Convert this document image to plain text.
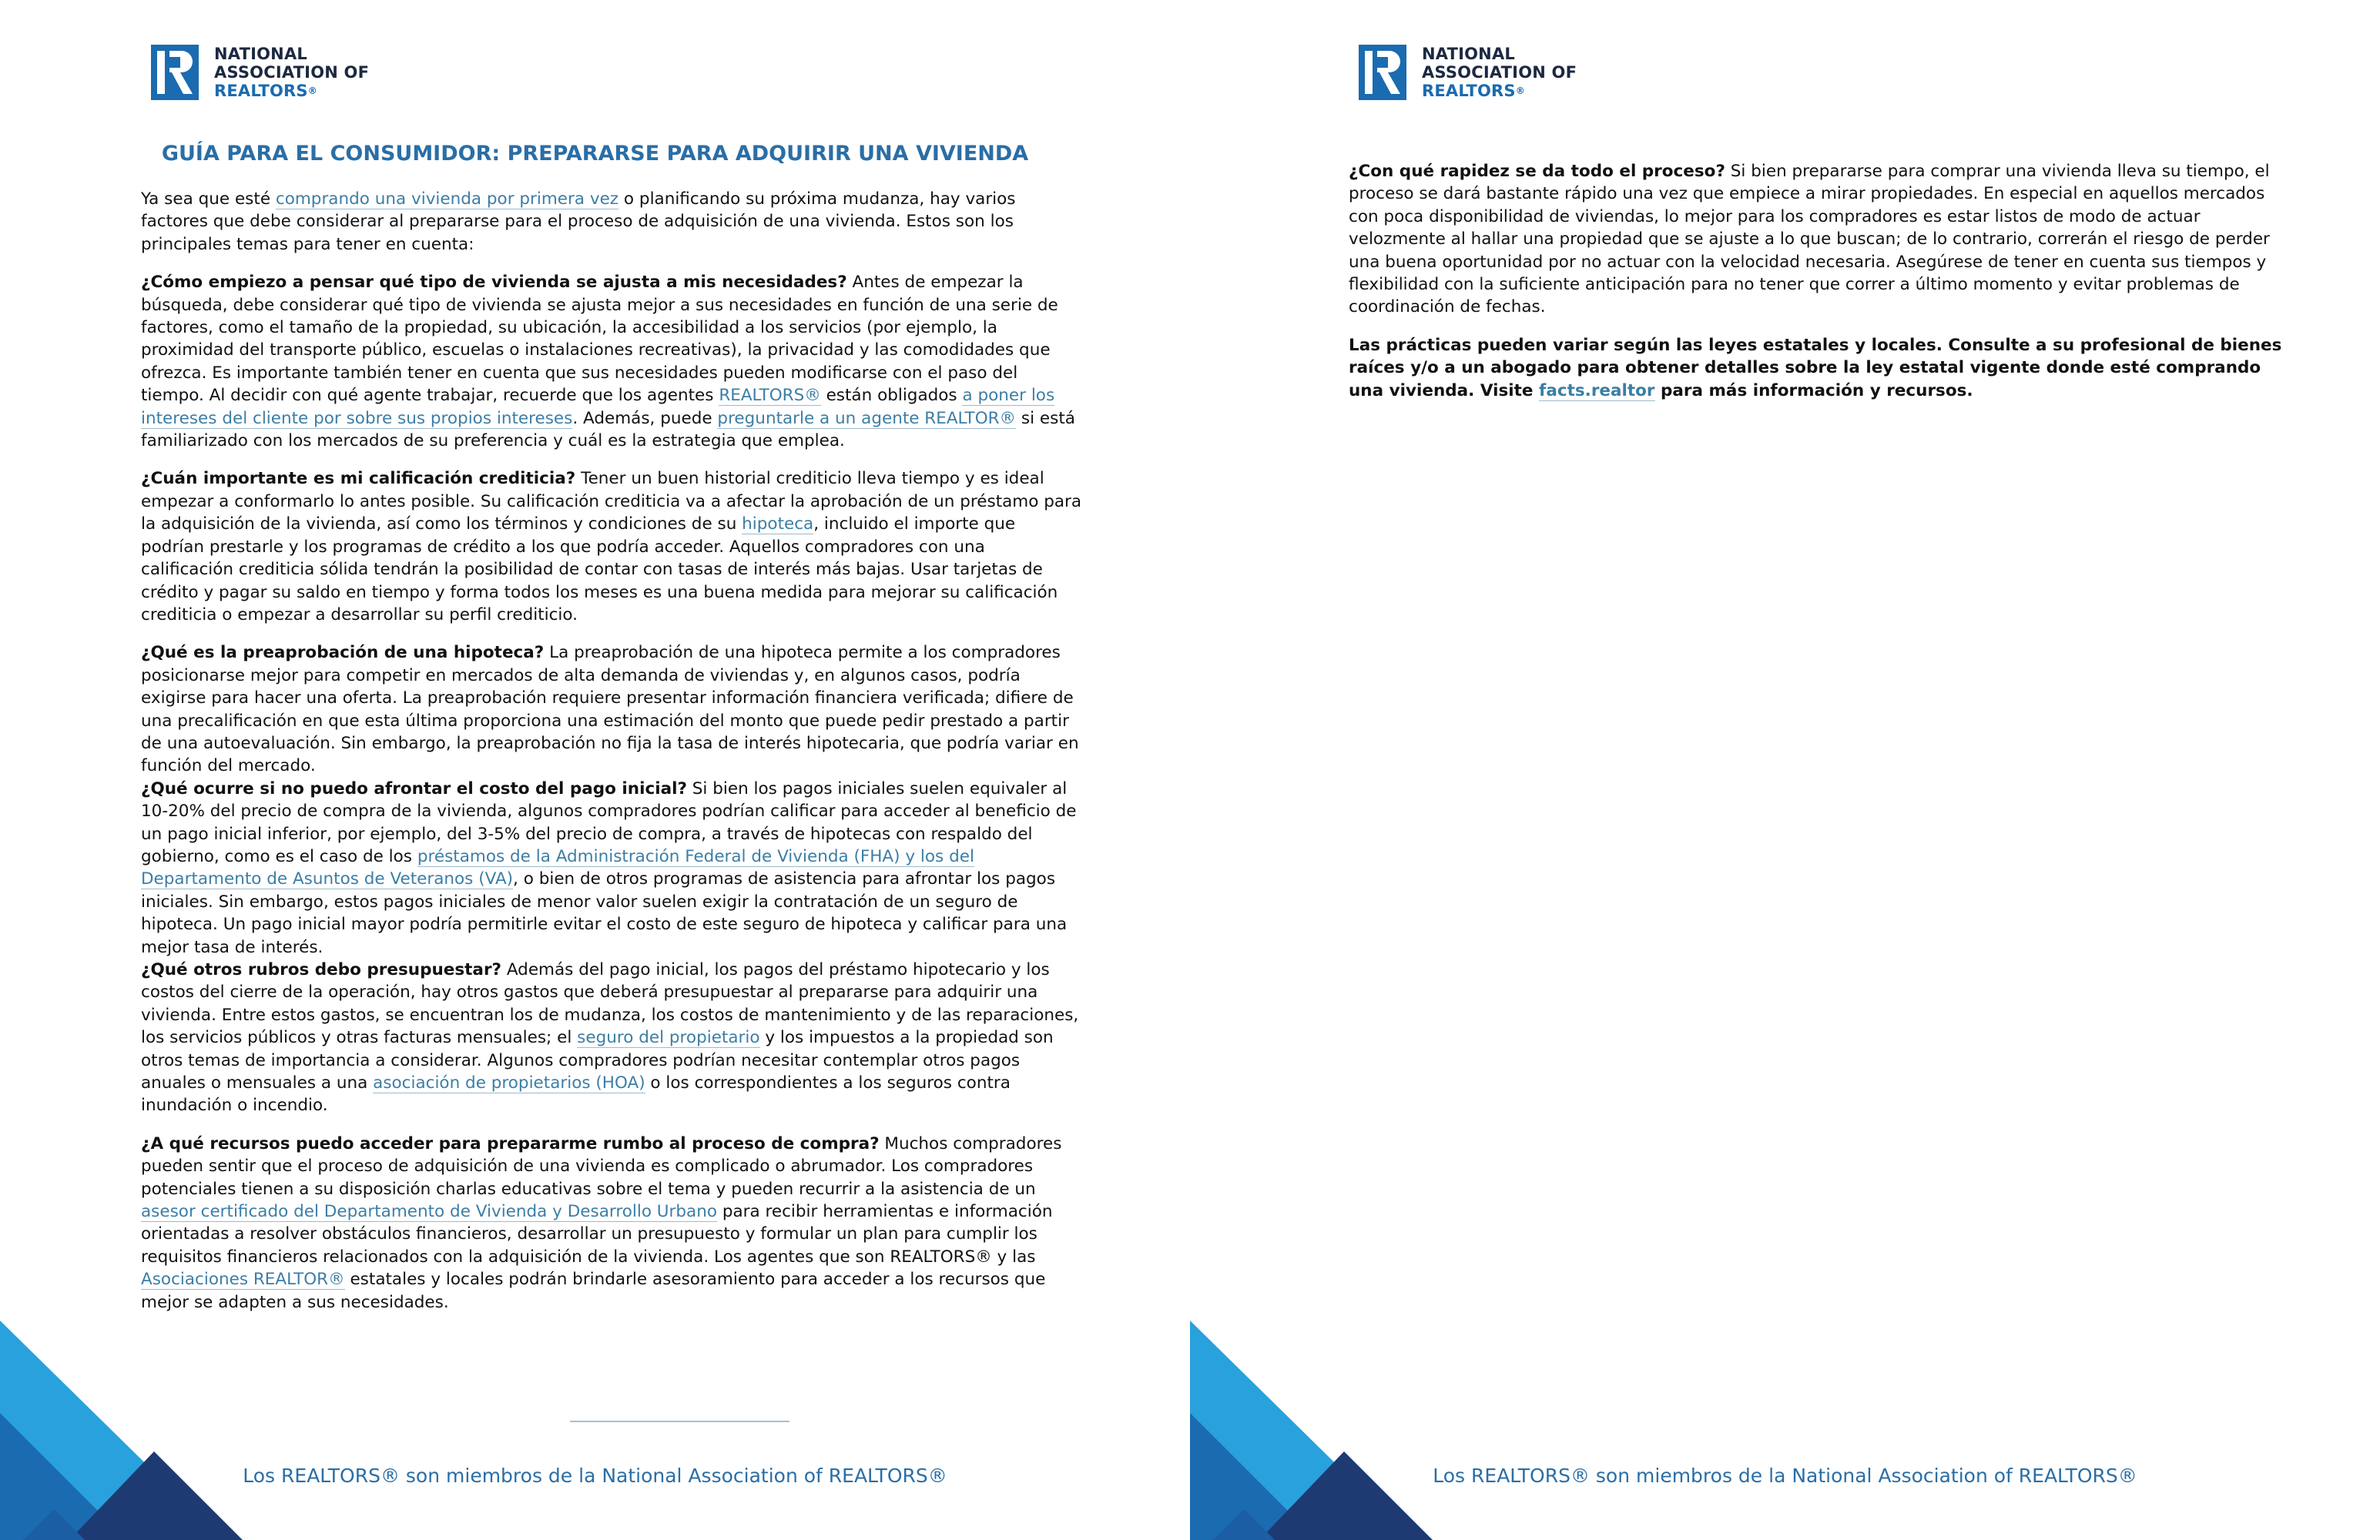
NATIONAL
ASSOCIATION OF
REALTORS®
GUÍA PARA EL CONSUMIDOR: PREPARARSE PARA ADQUIRIR UNA VIVIENDA

Ya sea que esté comprando una vivienda por primera vez o planificando su próxima mudanza, hay varios factores que debe considerar al prepararse para el proceso de adquisición de una vivienda. Estos son los principales temas para tener en cuenta:

¿Cómo empiezo a pensar qué tipo de vivienda se ajusta a mis necesidades? Antes de empezar la búsqueda, debe considerar qué tipo de vivienda se ajusta mejor a sus necesidades en función de una serie de factores, como el tamaño de la propiedad, su ubicación, la accesibilidad a los servicios (por ejemplo, la proximidad del transporte público, escuelas o instalaciones recreativas), la privacidad y las comodidades que ofrezca. Es importante también tener en cuenta que sus necesidades pueden modificarse con el paso del tiempo. Al decidir con qué agente trabajar, recuerde que los agentes REALTORS® están obligados a poner los intereses del cliente por sobre sus propios intereses. Además, puede preguntarle a un agente REALTOR® si está familiarizado con los mercados de su preferencia y cuál es la estrategia que emplea.

¿Cuán importante es mi calificación crediticia? Tener un buen historial crediticio lleva tiempo y es ideal empezar a conformarlo lo antes posible. Su calificación crediticia va a afectar la aprobación de un préstamo para la adquisición de la vivienda, así como los términos y condiciones de su hipoteca, incluido el importe que podrían prestarle y los programas de crédito a los que podría acceder. Aquellos compradores con una calificación crediticia sólida tendrán la posibilidad de contar con tasas de interés más bajas. Usar tarjetas de crédito y pagar su saldo en tiempo y forma todos los meses es una buena medida para mejorar su calificación crediticia o empezar a desarrollar su perfil crediticio.

¿Qué es la preaprobación de una hipoteca? La preaprobación de una hipoteca permite a los compradores posicionarse mejor para competir en mercados de alta demanda de viviendas y, en algunos casos, podría exigirse para hacer una oferta. La preaprobación requiere presentar información financiera verificada; difiere de una precalificación en que esta última proporciona una estimación del monto que puede pedir prestado a partir de una autoevaluación. Sin embargo, la preaprobación no fija la tasa de interés hipotecaria, que podría variar en función del mercado.

¿Qué ocurre si no puedo afrontar el costo del pago inicial? Si bien los pagos iniciales suelen equivaler al 10-20% del precio de compra de la vivienda, algunos compradores podrían calificar para acceder al beneficio de un pago inicial inferior, por ejemplo, del 3-5% del precio de compra, a través de hipotecas con respaldo del gobierno, como es el caso de los préstamos de la Administración Federal de Vivienda (FHA) y los del Departamento de Asuntos de Veteranos (VA), o bien de otros programas de asistencia para afrontar los pagos iniciales. Sin embargo, estos pagos iniciales de menor valor suelen exigir la contratación de un seguro de hipoteca. Un pago inicial mayor podría permitirle evitar el costo de este seguro de hipoteca y calificar para una mejor tasa de interés.

¿Qué otros rubros debo presupuestar? Además del pago inicial, los pagos del préstamo hipotecario y los costos del cierre de la operación, hay otros gastos que deberá presupuestar al prepararse para adquirir una vivienda. Entre estos gastos, se encuentran los de mudanza, los costos de mantenimiento y de las reparaciones, los servicios públicos y otras facturas mensuales; el seguro del propietario y los impuestos a la propiedad son otros temas de importancia a considerar. Algunos compradores podrían necesitar contemplar otros pagos anuales o mensuales a una asociación de propietarios (HOA) o los correspondientes a los seguros contra inundación o incendio.

¿A qué recursos puedo acceder para prepararme rumbo al proceso de compra? Muchos compradores pueden sentir que el proceso de adquisición de una vivienda es complicado o abrumador. Los compradores potenciales tienen a su disposición charlas educativas sobre el tema y pueden recurrir a la asistencia de un asesor certificado del Departamento de Vivienda y Desarrollo Urbano para recibir herramientas e información orientadas a resolver obstáculos financieros, desarrollar un presupuesto y formular un plan para cumplir los requisitos financieros relacionados con la adquisición de la vivienda. Los agentes que son REALTORS® y las Asociaciones REALTOR® estatales y locales podrán brindarle asesoramiento para acceder a los recursos que mejor se adapten a sus necesidades.

Los REALTORS® son miembros de la National Association of REALTORS®
NATIONAL
ASSOCIATION OF
REALTORS®

¿Con qué rapidez se da todo el proceso? Si bien prepararse para comprar una vivienda lleva su tiempo, el proceso se dará bastante rápido una vez que empiece a mirar propiedades. En especial en aquellos mercados con poca disponibilidad de viviendas, lo mejor para los compradores es estar listos de modo de actuar velozmente al hallar una propiedad que se ajuste a lo que buscan; de lo contrario, correrán el riesgo de perder una buena oportunidad por no actuar con la velocidad necesaria. Asegúrese de tener en cuenta sus tiempos y flexibilidad con la suficiente anticipación para no tener que correr a último momento y evitar problemas de coordinación de fechas.

Las prácticas pueden variar según las leyes estatales y locales. Consulte a su profesional de bienes raíces y/o a un abogado para obtener detalles sobre la ley estatal vigente donde esté comprando una vivienda. Visite facts.realtor para más información y recursos.

Los REALTORS® son miembros de la National Association of REALTORS®
